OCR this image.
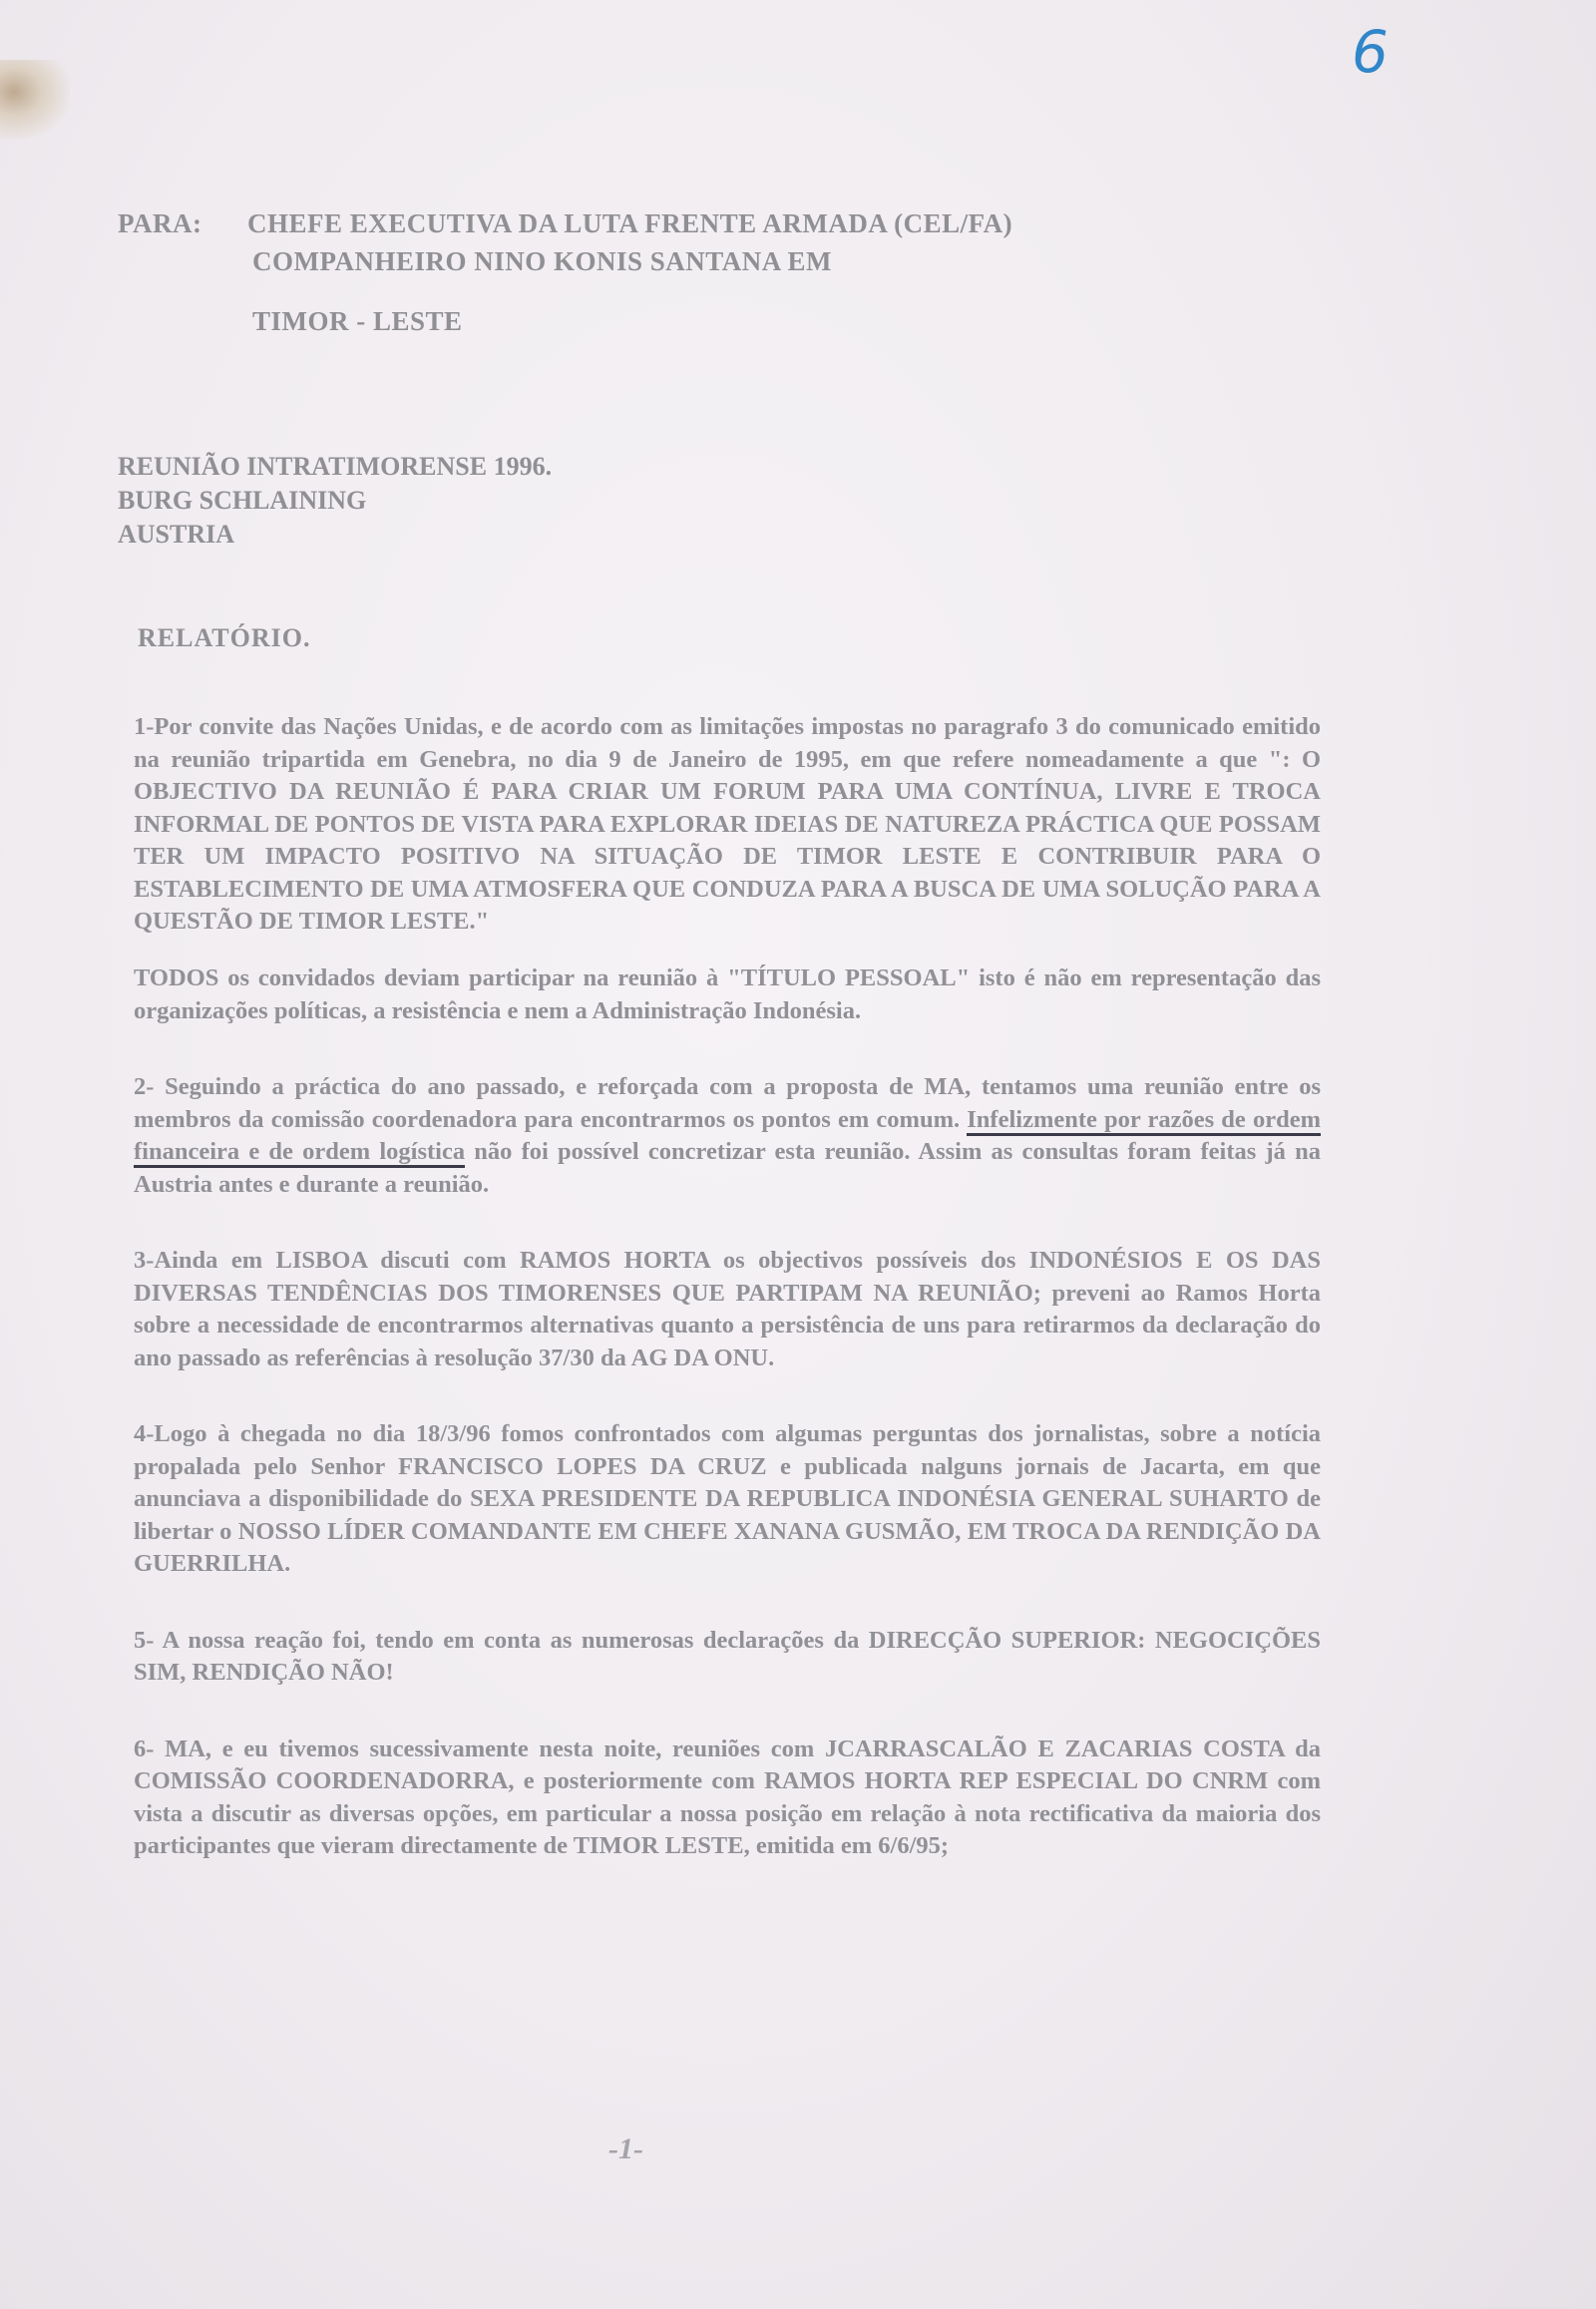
6
PARA: CHEFE EXECUTIVA DA LUTA FRENTE ARMADA (CEL/FA)
COMPANHEIRO NINO KONIS SANTANA EM
TIMOR - LESTE
REUNIÃO INTRATIMORENSE 1996.
BURG SCHLAINING
AUSTRIA
RELATÓRIO.

1-Por convite das Nações Unidas, e de acordo com as limitações impostas no paragrafo 3 do comunicado emitido na reunião tripartida em Genebra, no dia 9 de Janeiro de 1995, em que refere nomeadamente a que ": O OBJECTIVO DA REUNIÃO É PARA CRIAR UM FORUM PARA UMA CONTÍNUA, LIVRE E TROCA INFORMAL DE PONTOS DE VISTA PARA EXPLORAR IDEIAS DE NATUREZA PRÁCTICA QUE POSSAM TER UM IMPACTO POSITIVO NA SITUAÇÃO DE TIMOR LESTE E CONTRIBUIR PARA O ESTABLECIMENTO DE UMA ATMOSFERA QUE CONDUZA PARA A BUSCA DE UMA SOLUÇÃO PARA A QUESTÃO DE TIMOR LESTE."

TODOS os convidados deviam participar na reunião à "TÍTULO PESSOAL" isto é não em representação das organizações políticas, a resistência e nem a Administração Indonésia.

2- Seguindo a práctica do ano passado, e reforçada com a proposta de MA, tentamos uma reunião entre os membros da comissão coordenadora para encontrarmos os pontos em comum. Infelizmente por razões de ordem financeira e de ordem logística não foi possível concretizar esta reunião. Assim as consultas foram feitas já na Austria antes e durante a reunião.

3-Ainda em LISBOA discuti com RAMOS HORTA os objectivos possíveis dos INDONÉSIOS E OS DAS DIVERSAS TENDÊNCIAS DOS TIMORENSES QUE PARTIPAM NA REUNIÃO; preveni ao Ramos Horta sobre a necessidade de encontrarmos alternativas quanto a persistência de uns para retirarmos da declaração do ano passado as referências à resolução 37/30 da AG DA ONU.

4-Logo à chegada no dia 18/3/96 fomos confrontados com algumas perguntas dos jornalistas, sobre a notícia propalada pelo Senhor FRANCISCO LOPES DA CRUZ e publicada nalguns jornais de Jacarta, em que anunciava a disponibilidade do SEXA PRESIDENTE DA REPUBLICA INDONÉSIA GENERAL SUHARTO de libertar o NOSSO LÍDER COMANDANTE EM CHEFE XANANA GUSMÃO, EM TROCA DA RENDIÇÃO DA GUERRILHA.

5- A nossa reação foi, tendo em conta as numerosas declarações da DIRECÇÃO SUPERIOR: NEGOCIÇÕES SIM, RENDIÇÃO NÃO!

6- MA, e eu tivemos sucessivamente nesta noite, reuniões com JCARRASCALÃO E ZACARIAS COSTA da COMISSÃO COORDENADORRA, e posteriormente com RAMOS HORTA REP ESPECIAL DO CNRM com vista a discutir as diversas opções, em particular a nossa posição em relação à nota rectificativa da maioria dos participantes que vieram directamente de TIMOR LESTE, emitida em 6/6/95;

-1-
